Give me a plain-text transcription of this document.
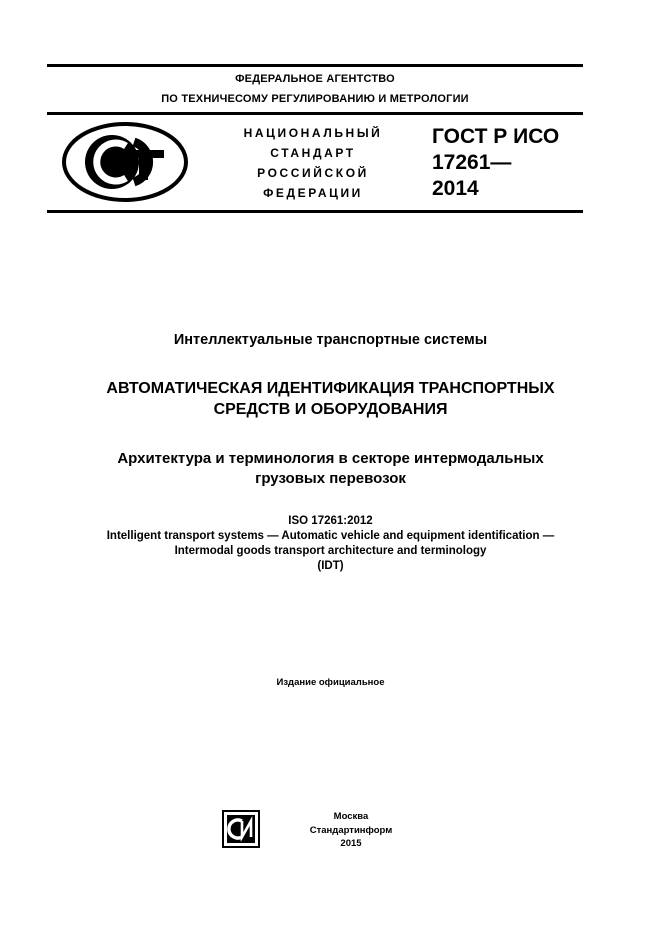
ФЕДЕРАЛЬНОЕ АГЕНТСТВО
ПО ТЕХНИЧЕСОМУ РЕГУЛИРОВАНИЮ И МЕТРОЛОГИИ
НАЦИОНАЛЬНЫЙ
СТАНДАРТ
РОССИЙСКОЙ
ФЕДЕРАЦИИ
ГОСТ Р ИСО
17261—
2014
Интеллектуальные транспортные системы
АВТОМАТИЧЕСКАЯ ИДЕНТИФИКАЦИЯ ТРАНСПОРТНЫХ
СРЕДСТВ И ОБОРУДОВАНИЯ
Архитектура и терминология в секторе интермодальных
грузовых перевозок
ISO 17261:2012
Intelligent transport systems — Automatic vehicle and equipment identification —
Intermodal goods transport architecture and terminology
(IDT)
Издание официальное
Москва
Стандартинформ
2015
